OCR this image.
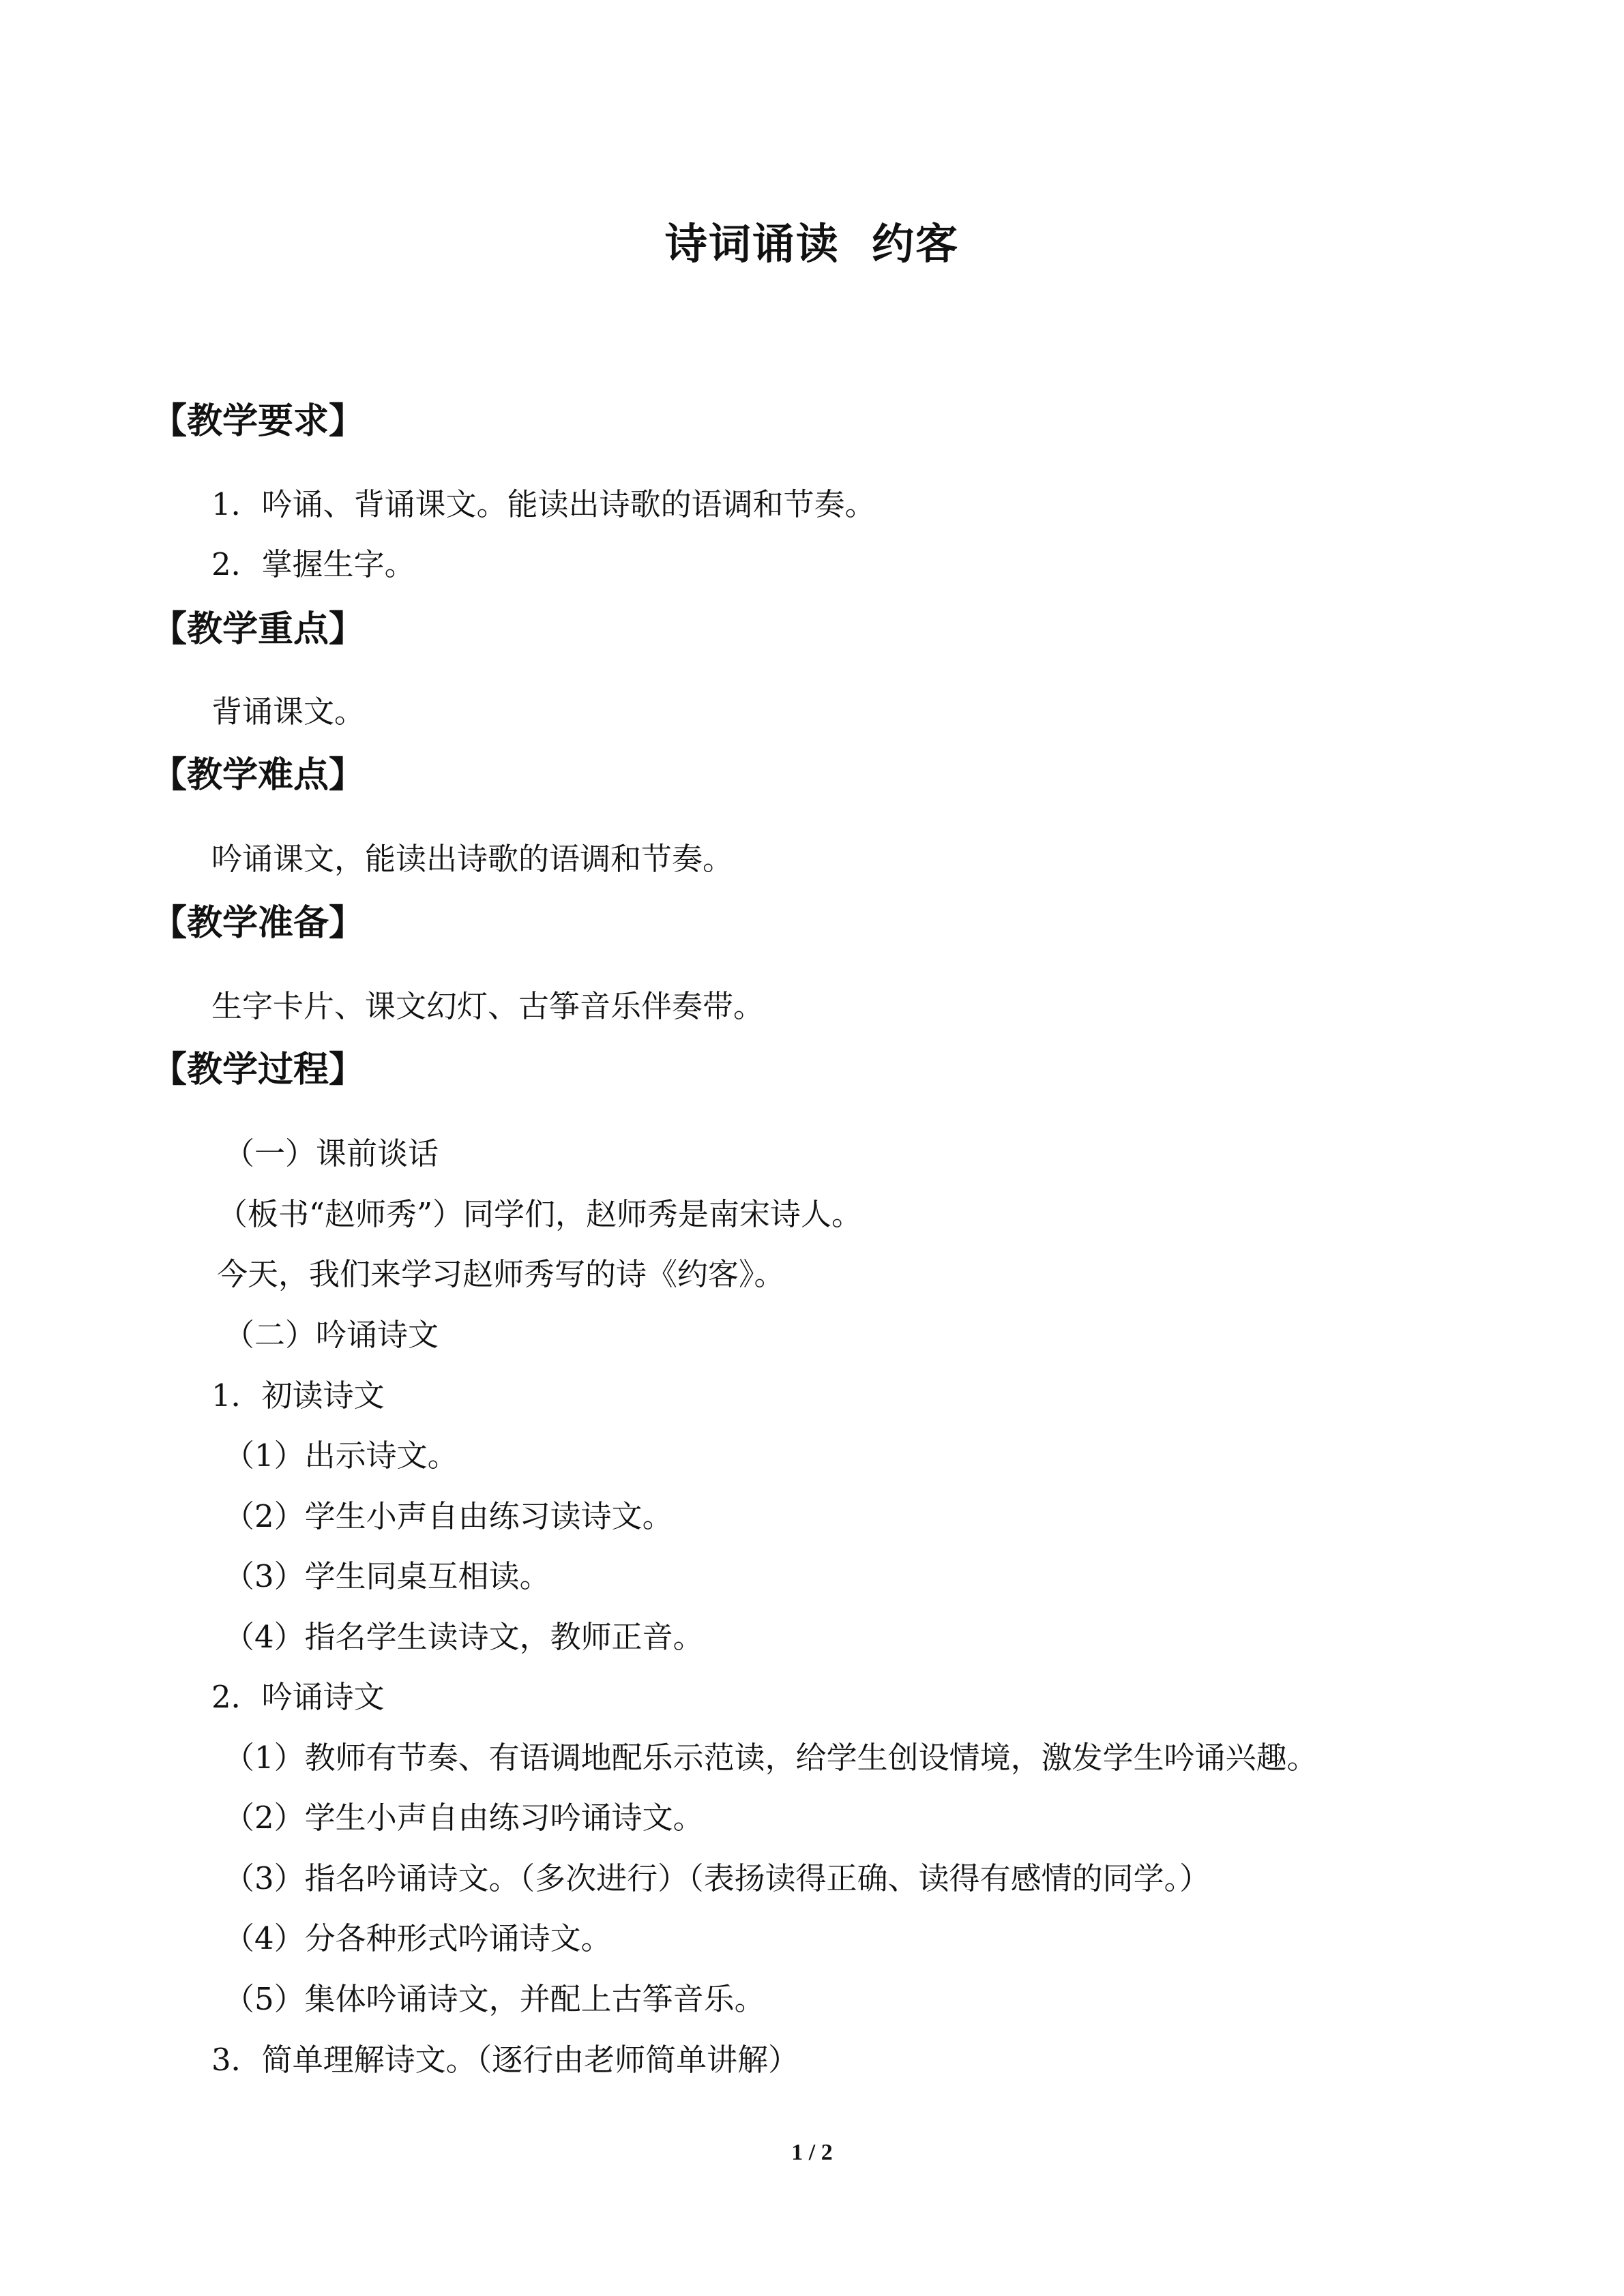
诗词诵读  约客
【教学要求】
1．吟诵、背诵课文。能读出诗歌的语调和节奏。
2．掌握生字。
【教学重点】
背诵课文。
【教学难点】
吟诵课文，能读出诗歌的语调和节奏。
【教学准备】
生字卡片、课文幻灯、古筝音乐伴奏带。
【教学过程】
（一）课前谈话
（板书“赵师秀”）同学们，赵师秀是南宋诗人。
今天，我们来学习赵师秀写的诗《约客》。
（二）吟诵诗文
1．初读诗文
（1）出示诗文。
（2）学生小声自由练习读诗文。
（3）学生同桌互相读。
（4）指名学生读诗文，教师正音。
2．吟诵诗文
（1）教师有节奏、有语调地配乐示范读，给学生创设情境，激发学生吟诵兴趣。
（2）学生小声自由练习吟诵诗文。
（3）指名吟诵诗文。（多次进行）（表扬读得正确、读得有感情的同学。）
（4）分各种形式吟诵诗文。
（5）集体吟诵诗文，并配上古筝音乐。
3．简单理解诗文。（逐行由老师简单讲解）
1 / 2
